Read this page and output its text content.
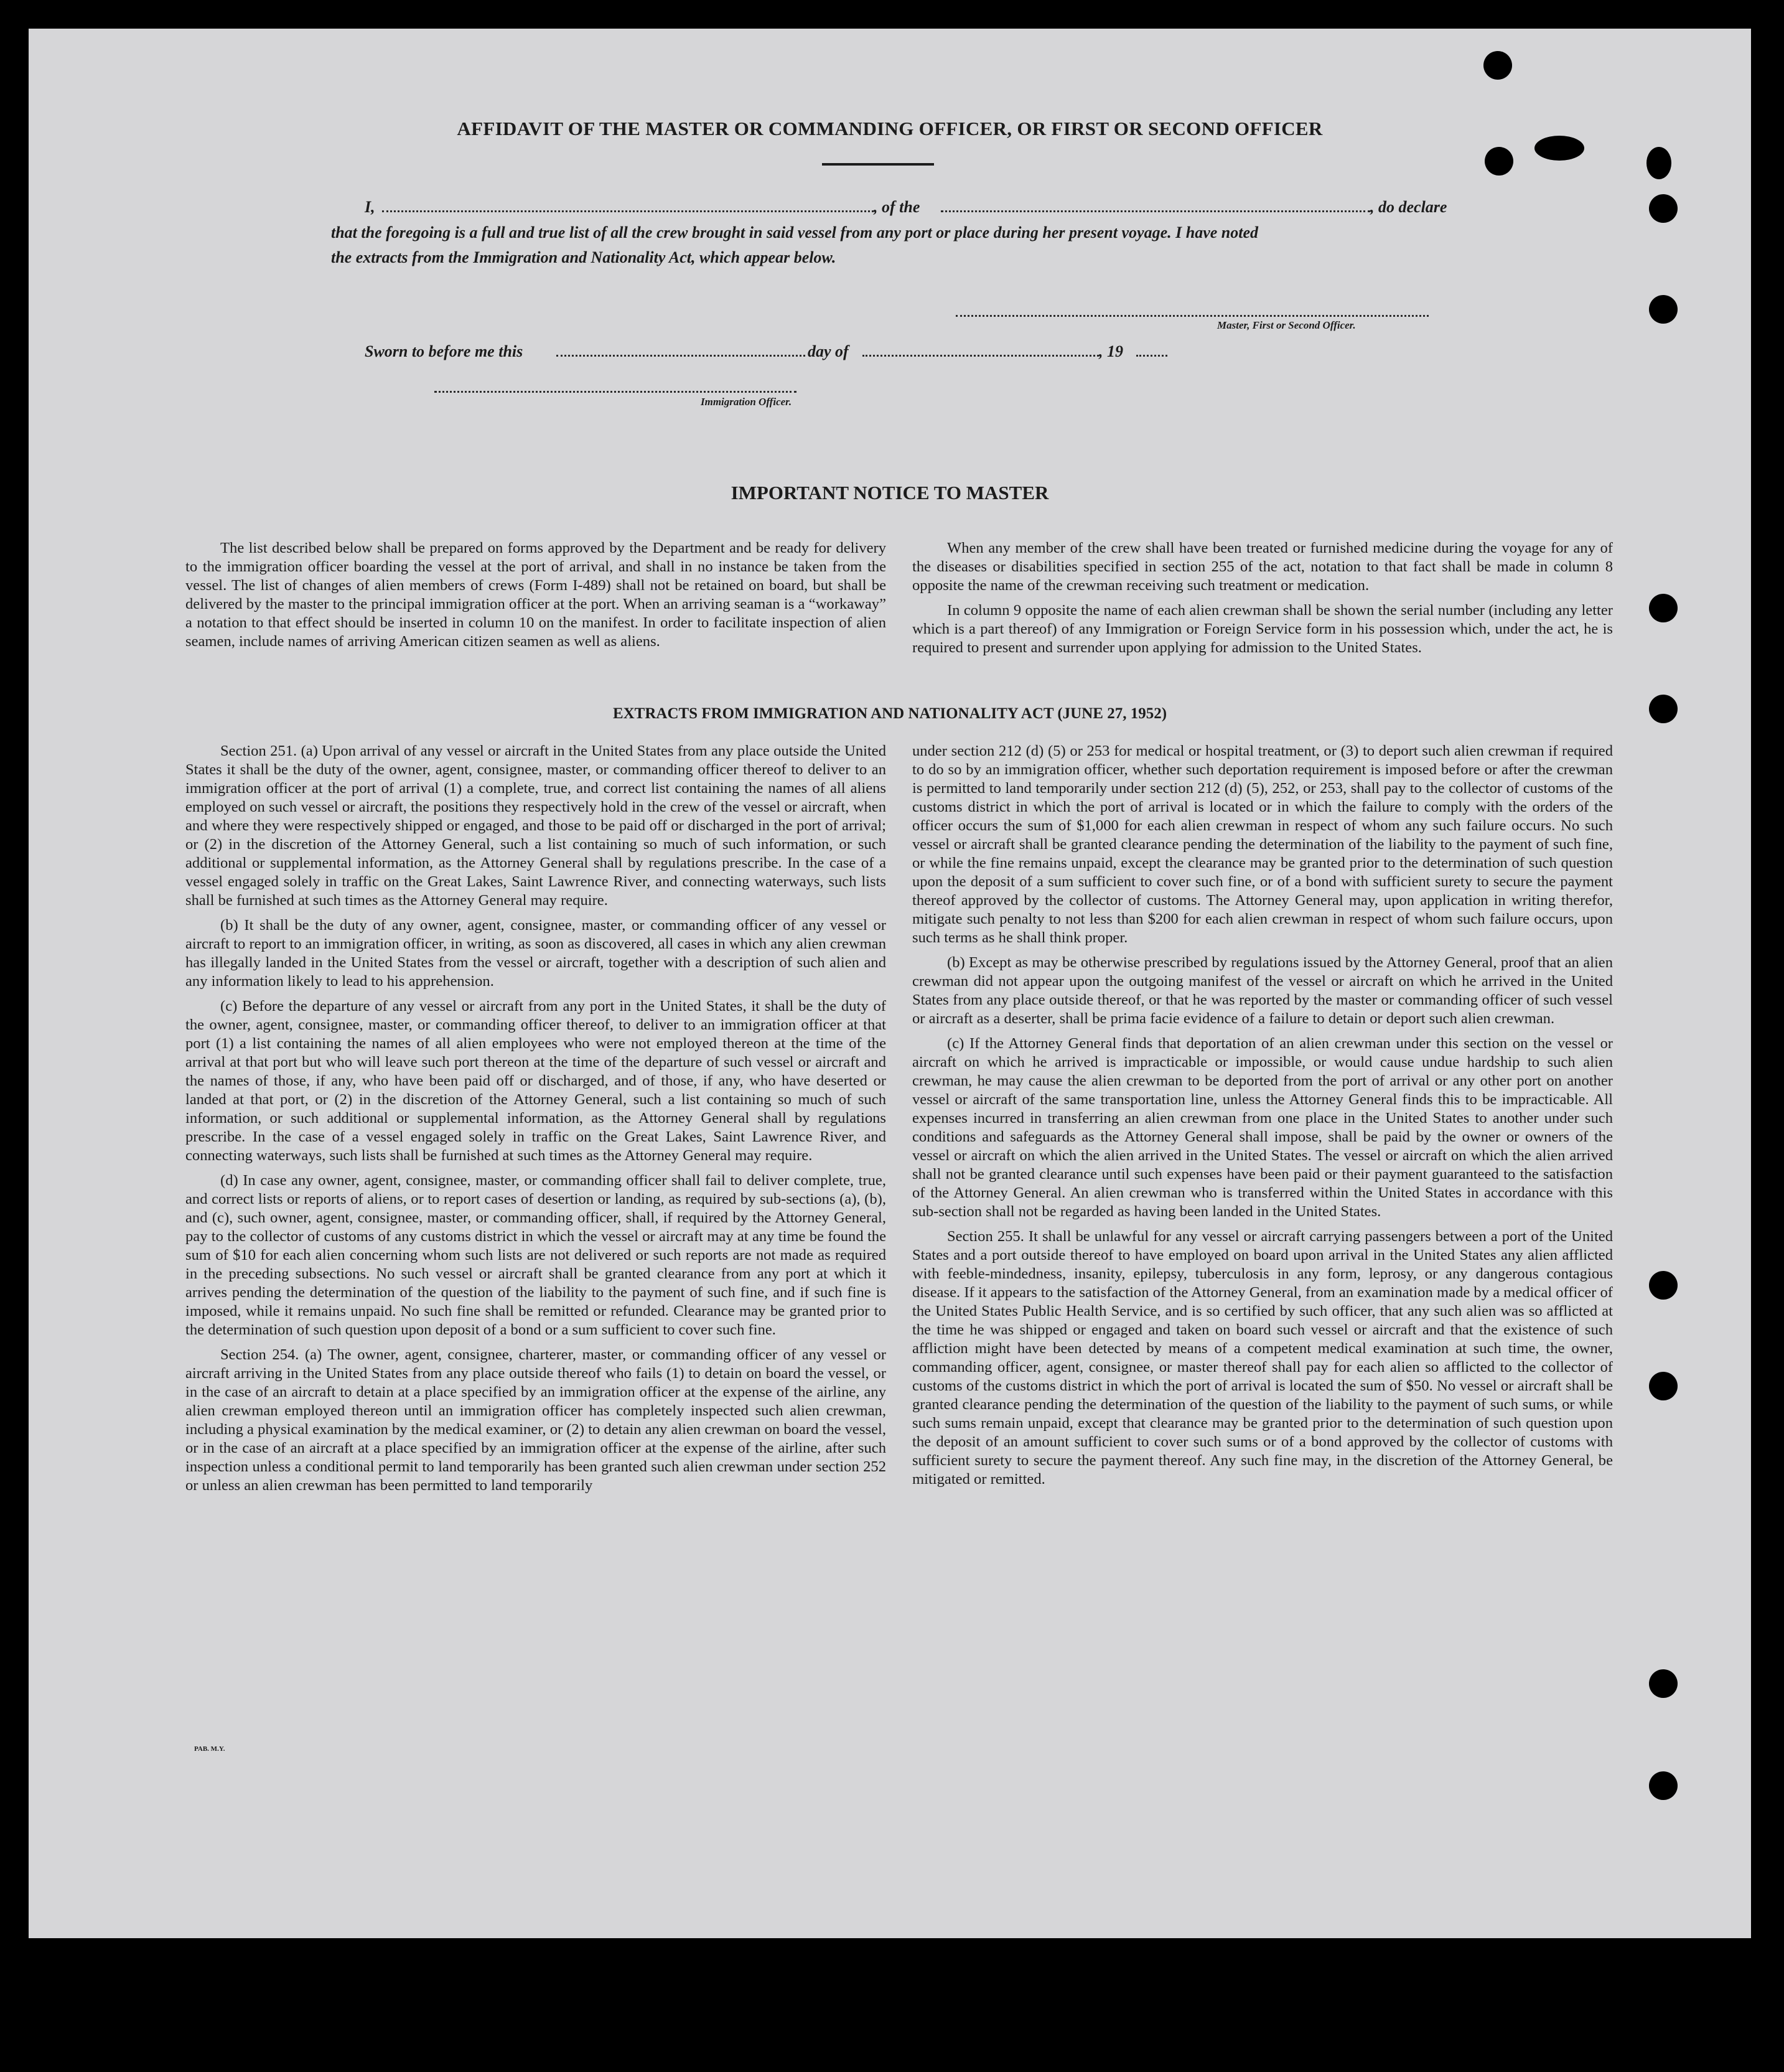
AFFIDAVIT OF THE MASTER OR COMMANDING OFFICER, OR FIRST OR SECOND OFFICER
I,	, of the	, do declare
that the foregoing is a full and true list of all the crew brought in said vessel from any port or place during her present voyage. I have noted
the extracts from the Immigration and Nationality Act, which appear below.
Master, First or Second Officer.
Sworn to before me this	day of	, 19
Immigration Officer.
IMPORTANT NOTICE TO MASTER

The list described below shall be prepared on forms approved by the Department and be ready for delivery to the immigration officer boarding the vessel at the port of arrival, and shall in no instance be taken from the vessel. The list of changes of alien members of crews (Form I-489) shall not be retained on board, but shall be delivered by the master to the principal immigration officer at the port. When an arriving seaman is a “workaway” a notation to that effect should be inserted in column 10 on the manifest. In order to facilitate inspection of alien seamen, include names of arriving American citizen seamen as well as aliens.

When any member of the crew shall have been treated or furnished medicine during the voyage for any of the diseases or disabilities specified in section 255 of the act, notation to that fact shall be made in column 8 opposite the name of the crewman receiving such treatment or medication.

In column 9 opposite the name of each alien crewman shall be shown the serial number (including any letter which is a part thereof) of any Immigration or Foreign Service form in his possession which, under the act, he is required to present and surrender upon applying for admission to the United States.

EXTRACTS FROM IMMIGRATION AND NATIONALITY ACT (JUNE 27, 1952)

Section 251. (a) Upon arrival of any vessel or aircraft in the United States from any place outside the United States it shall be the duty of the owner, agent, consignee, master, or commanding officer thereof to deliver to an immigration officer at the port of arrival (1) a complete, true, and correct list containing the names of all aliens employed on such vessel or aircraft, the positions they respectively hold in the crew of the vessel or aircraft, when and where they were respectively shipped or engaged, and those to be paid off or discharged in the port of arrival; or (2) in the discretion of the Attorney General, such a list containing so much of such information, or such additional or supplemental information, as the Attorney General shall by regulations prescribe. In the case of a vessel engaged solely in traffic on the Great Lakes, Saint Lawrence River, and connecting waterways, such lists shall be furnished at such times as the Attorney General may require.

(b) It shall be the duty of any owner, agent, consignee, master, or commanding officer of any vessel or aircraft to report to an immigration officer, in writing, as soon as discovered, all cases in which any alien crewman has illegally landed in the United States from the vessel or aircraft, together with a description of such alien and any information likely to lead to his apprehension.

(c) Before the departure of any vessel or aircraft from any port in the United States, it shall be the duty of the owner, agent, consignee, master, or commanding officer thereof, to deliver to an immigration officer at that port (1) a list containing the names of all alien employees who were not employed thereon at the time of the arrival at that port but who will leave such port thereon at the time of the departure of such vessel or aircraft and the names of those, if any, who have been paid off or discharged, and of those, if any, who have deserted or landed at that port, or (2) in the discretion of the Attorney General, such a list containing so much of such information, or such additional or supplemental information, as the Attorney General shall by regulations prescribe. In the case of a vessel engaged solely in traffic on the Great Lakes, Saint Lawrence River, and connecting waterways, such lists shall be furnished at such times as the Attorney General may require.

(d) In case any owner, agent, consignee, master, or commanding officer shall fail to deliver complete, true, and correct lists or reports of aliens, or to report cases of desertion or landing, as required by sub-sections (a), (b), and (c), such owner, agent, consignee, master, or commanding officer, shall, if required by the Attorney General, pay to the collector of customs of any customs district in which the vessel or aircraft may at any time be found the sum of $10 for each alien concerning whom such lists are not delivered or such reports are not made as required in the preceding subsections. No such vessel or aircraft shall be granted clearance from any port at which it arrives pending the determination of the question of the liability to the payment of such fine, and if such fine is imposed, while it remains unpaid. No such fine shall be remitted or refunded. Clearance may be granted prior to the determination of such question upon deposit of a bond or a sum sufficient to cover such fine.

Section 254. (a) The owner, agent, consignee, charterer, master, or commanding officer of any vessel or aircraft arriving in the United States from any place outside thereof who fails (1) to detain on board the vessel, or in the case of an aircraft to detain at a place specified by an immigration officer at the expense of the airline, any alien crewman employed thereon until an immigration officer has completely inspected such alien crewman, including a physical examination by the medical examiner, or (2) to detain any alien crewman on board the vessel, or in the case of an aircraft at a place specified by an immigration officer at the expense of the airline, after such inspection unless a conditional permit to land temporarily has been granted such alien crewman under section 252 or unless an alien crewman has been permitted to land temporarily

under section 212 (d) (5) or 253 for medical or hospital treatment, or (3) to deport such alien crewman if required to do so by an immigration officer, whether such deportation requirement is imposed before or after the crewman is permitted to land temporarily under section 212 (d) (5), 252, or 253, shall pay to the collector of customs of the customs district in which the port of arrival is located or in which the failure to comply with the orders of the officer occurs the sum of $1,000 for each alien crewman in respect of whom any such failure occurs. No such vessel or aircraft shall be granted clearance pending the determination of the liability to the payment of such fine, or while the fine remains unpaid, except the clearance may be granted prior to the determination of such question upon the deposit of a sum sufficient to cover such fine, or of a bond with sufficient surety to secure the payment thereof approved by the collector of customs. The Attorney General may, upon application in writing therefor, mitigate such penalty to not less than $200 for each alien crewman in respect of whom such failure occurs, upon such terms as he shall think proper.

(b) Except as may be otherwise prescribed by regulations issued by the Attorney General, proof that an alien crewman did not appear upon the outgoing manifest of the vessel or aircraft on which he arrived in the United States from any place outside thereof, or that he was reported by the master or commanding officer of such vessel or aircraft as a deserter, shall be prima facie evidence of a failure to detain or deport such alien crewman.

(c) If the Attorney General finds that deportation of an alien crewman under this section on the vessel or aircraft on which he arrived is impracticable or impossible, or would cause undue hardship to such alien crewman, he may cause the alien crewman to be deported from the port of arrival or any other port on another vessel or aircraft of the same transportation line, unless the Attorney General finds this to be impracticable. All expenses incurred in transferring an alien crewman from one place in the United States to another under such conditions and safeguards as the Attorney General shall impose, shall be paid by the owner or owners of the vessel or aircraft on which the alien arrived in the United States. The vessel or aircraft on which the alien arrived shall not be granted clearance until such expenses have been paid or their payment guaranteed to the satisfaction of the Attorney General. An alien crewman who is transferred within the United States in accordance with this sub-section shall not be regarded as having been landed in the United States.

Section 255. It shall be unlawful for any vessel or aircraft carrying passengers between a port of the United States and a port outside thereof to have employed on board upon arrival in the United States any alien afflicted with feeble-mindedness, insanity, epilepsy, tuberculosis in any form, leprosy, or any dangerous contagious disease. If it appears to the satisfaction of the Attorney General, from an examination made by a medical officer of the United States Public Health Service, and is so certified by such officer, that any such alien was so afflicted at the time he was shipped or engaged and taken on board such vessel or aircraft and that the existence of such affliction might have been detected by means of a competent medical examination at such time, the owner, commanding officer, agent, consignee, or master thereof shall pay for each alien so afflicted to the collector of customs of the customs district in which the port of arrival is located the sum of $50. No vessel or aircraft shall be granted clearance pending the determination of the question of the liability to the payment of such sums, or while such sums remain unpaid, except that clearance may be granted prior to the determination of such question upon the deposit of an amount sufficient to cover such sums or of a bond approved by the collector of customs with sufficient surety to secure the payment thereof. Any such fine may, in the discretion of the Attorney General, be mitigated or remitted.

PAB. M.Y.
